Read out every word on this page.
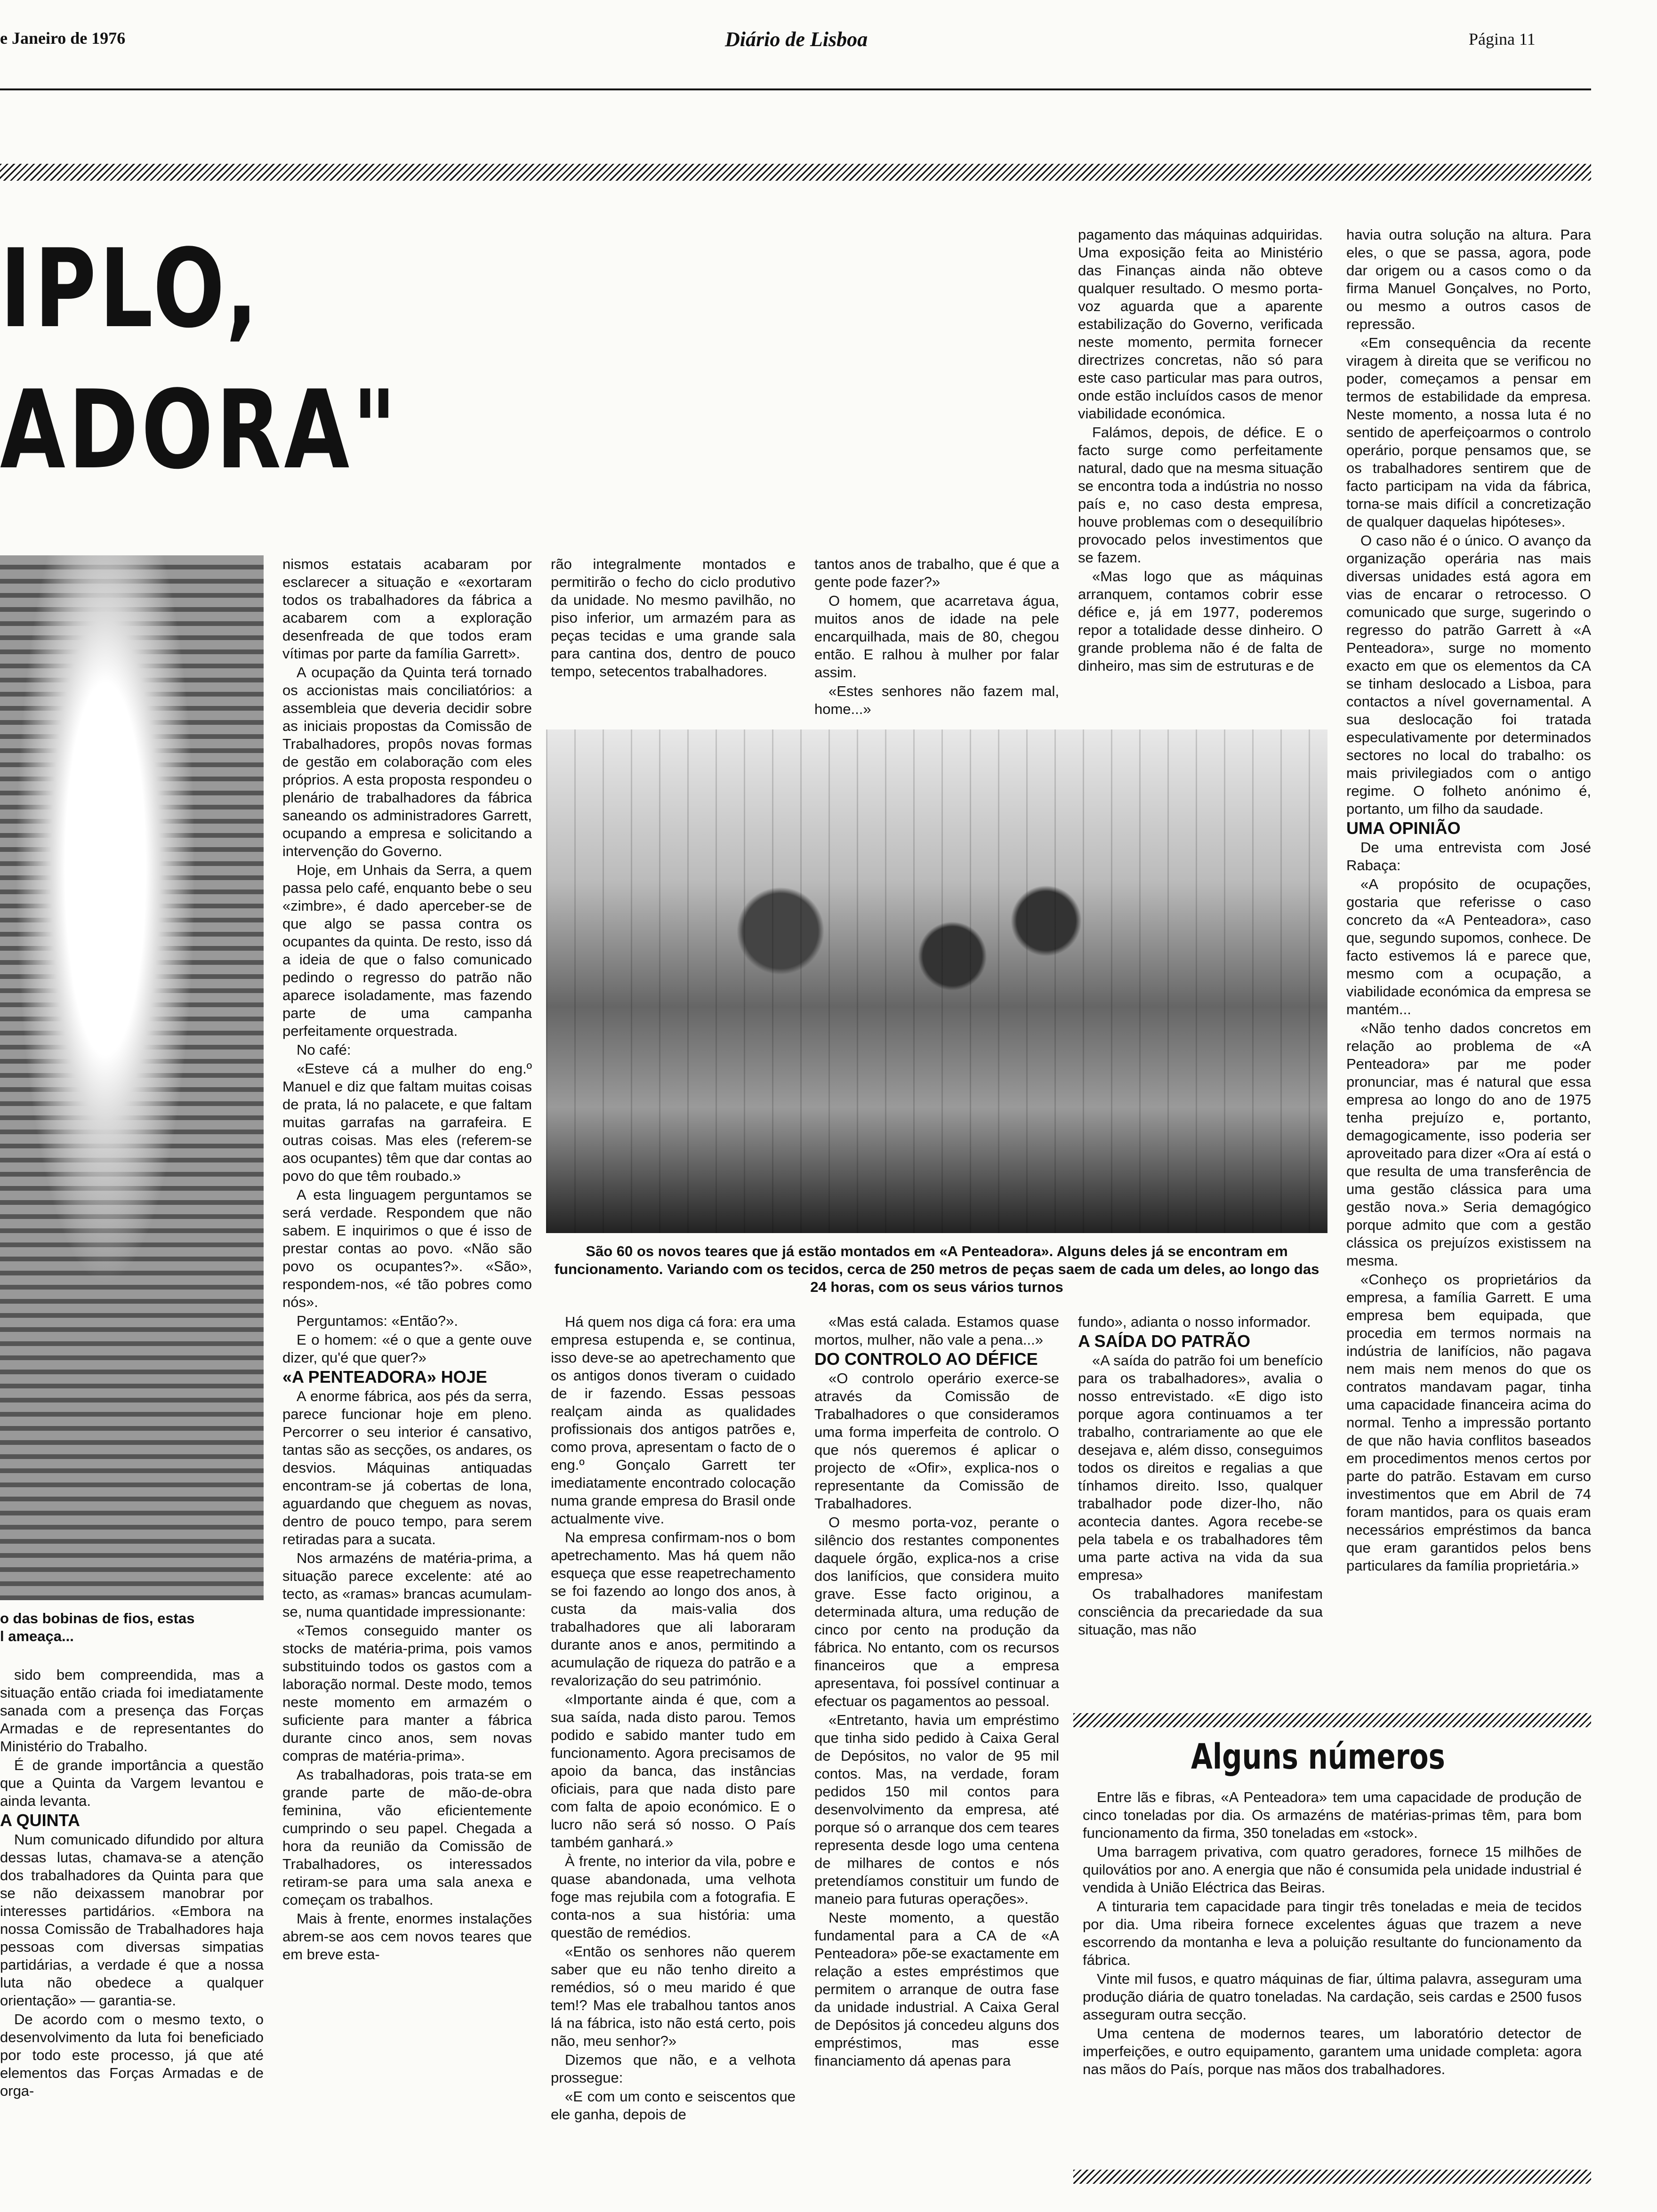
e Janeiro de 1976	Diário de Lisboa	Página 11
IPLO,
ADORA"
o das bobinas de fios, estas
l ameaça...

sido bem compreendida, mas a situação então criada foi imediatamente sanada com a presença das Forças Armadas e de representantes do Ministério do Trabalho.

É de grande importância a questão que a Quinta da Vargem levantou e ainda levanta.

A QUINTA

Num comunicado difundido por altura dessas lutas, chamava-se a atenção dos trabalhadores da Quinta para que se não deixassem manobrar por interesses partidários. «Embora na nossa Comissão de Trabalhadores haja pessoas com diversas simpatias partidárias, a verdade é que a nossa luta não obedece a qualquer orientação» — garantia-se.

De acordo com o mesmo texto, o desenvolvimento da luta foi beneficiado por todo este processo, já que até elementos das Forças Armadas e de orga-

nismos estatais acabaram por esclarecer a situação e «exortaram todos os trabalhadores da fábrica a acabarem com a exploração desenfreada de que todos eram vítimas por parte da família Garrett».

A ocupação da Quinta terá tornado os accionistas mais conciliatórios: a assembleia que deveria decidir sobre as iniciais propostas da Comissão de Trabalhadores, propôs novas formas de gestão em colaboração com eles próprios. A esta proposta respondeu o plenário de trabalhadores da fábrica saneando os administradores Garrett, ocupando a empresa e solicitando a intervenção do Governo.

Hoje, em Unhais da Serra, a quem passa pelo café, enquanto bebe o seu «zimbre», é dado aperceber-se de que algo se passa contra os ocupantes da quinta. De resto, isso dá a ideia de que o falso comunicado pedindo o regresso do patrão não aparece isoladamente, mas fazendo parte de uma campanha perfeitamente orquestrada.

No café:

«Esteve cá a mulher do eng.º Manuel e diz que faltam muitas coisas de prata, lá no palacete, e que faltam muitas garrafas na garrafeira. E outras coisas. Mas eles (referem-se aos ocupantes) têm que dar contas ao povo do que têm roubado.»

A esta linguagem perguntamos se será verdade. Respondem que não sabem. E inquirimos o que é isso de prestar contas ao povo. «Não são povo os ocupantes?». «São», respondem-nos, «é tão pobres como nós».

Perguntamos: «Então?».

E o homem: «é o que a gente ouve dizer, qu'é que quer?»

«A PENTEADORA» HOJE

A enorme fábrica, aos pés da serra, parece funcionar hoje em pleno. Percorrer o seu interior é cansativo, tantas são as secções, os andares, os desvios. Máquinas antiquadas encontram-se já cobertas de lona, aguardando que cheguem as novas, dentro de pouco tempo, para serem retiradas para a sucata.

Nos armazéns de matéria-prima, a situação parece excelente: até ao tecto, as «ramas» brancas acumulam-se, numa quantidade impressionante:

«Temos conseguido manter os stocks de matéria-prima, pois vamos substituindo todos os gastos com a laboração normal. Deste modo, temos neste momento em armazém o suficiente para manter a fábrica durante cinco anos, sem novas compras de matéria-prima».

As trabalhadoras, pois trata-se em grande parte de mão-de-obra feminina, vão eficientemente cumprindo o seu papel. Chegada a hora da reunião da Comissão de Trabalhadores, os interessados retiram-se para uma sala anexa e começam os trabalhos.

Mais à frente, enormes instalações abrem-se aos cem novos teares que em breve esta-

rão integralmente montados e permitirão o fecho do ciclo produtivo da unidade. No mesmo pavilhão, no piso inferior, um armazém para as peças tecidas e uma grande sala para cantina dos, dentro de pouco tempo, setecentos trabalhadores.

tantos anos de trabalho, que é que a gente pode fazer?»

O homem, que acarretava água, muitos anos de idade na pele encarquilhada, mais de 80, chegou então. E ralhou à mulher por falar assim.

«Estes senhores não fazem mal, home...»

pagamento das máquinas adquiridas. Uma exposição feita ao Ministério das Finanças ainda não obteve qualquer resultado. O mesmo porta-voz aguarda que a aparente estabilização do Governo, verificada neste momento, permita fornecer directrizes concretas, não só para este caso particular mas para outros, onde estão incluídos casos de menor viabilidade económica.

Falámos, depois, de défice. E o facto surge como perfeitamente natural, dado que na mesma situação se encontra toda a indústria no nosso país e, no caso desta empresa, houve problemas com o desequilíbrio provocado pelos investimentos que se fazem.

«Mas logo que as máquinas arranquem, contamos cobrir esse défice e, já em 1977, poderemos repor a totalidade desse dinheiro. O grande problema não é de falta de dinheiro, mas sim de estruturas e de

São 60 os novos teares que já estão montados em «A Penteadora». Alguns deles já se encontram em funcionamento. Variando com os tecidos, cerca de 250 metros de peças saem de cada um deles, ao longo das 24 horas, com os seus vários turnos

Há quem nos diga cá fora: era uma empresa estupenda e, se continua, isso deve-se ao apetrechamento que os antigos donos tiveram o cuidado de ir fazendo. Essas pessoas realçam ainda as qualidades profissionais dos antigos patrões e, como prova, apresentam o facto de o eng.º Gonçalo Garrett ter imediatamente encontrado colocação numa grande empresa do Brasil onde actualmente vive.

Na empresa confirmam-nos o bom apetrechamento. Mas há quem não esqueça que esse reapetrechamento se foi fazendo ao longo dos anos, à custa da mais-valia dos trabalhadores que ali laboraram durante anos e anos, permitindo a acumulação de riqueza do patrão e a revalorização do seu património.

«Importante ainda é que, com a sua saída, nada disto parou. Temos podido e sabido manter tudo em funcionamento. Agora precisamos de apoio da banca, das instâncias oficiais, para que nada disto pare com falta de apoio económico. E o lucro não será só nosso. O País também ganhará.»

À frente, no interior da vila, pobre e quase abandonada, uma velhota foge mas rejubila com a fotografia. E conta-nos a sua história: uma questão de remédios.

«Então os senhores não querem saber que eu não tenho direito a remédios, só o meu marido é que tem!? Mas ele trabalhou tantos anos lá na fábrica, isto não está certo, pois não, meu senhor?»

Dizemos que não, e a velhota prossegue:

«E com um conto e seiscentos que ele ganha, depois de

«Mas está calada. Estamos quase mortos, mulher, não vale a pena...»

DO CONTROLO AO DÉFICE

«O controlo operário exerce-se através da Comissão de Trabalhadores o que consideramos uma forma imperfeita de controlo. O que nós queremos é aplicar o projecto de «Ofir», explica-nos o representante da Comissão de Trabalhadores.

O mesmo porta-voz, perante o silêncio dos restantes componentes daquele órgão, explica-nos a crise dos lanifícios, que considera muito grave. Esse facto originou, a determinada altura, uma redução de cinco por cento na produção da fábrica. No entanto, com os recursos financeiros que a empresa apresentava, foi possível continuar a efectuar os pagamentos ao pessoal.

«Entretanto, havia um empréstimo que tinha sido pedido à Caixa Geral de Depósitos, no valor de 95 mil contos. Mas, na verdade, foram pedidos 150 mil contos para desenvolvimento da empresa, até porque só o arranque dos cem teares representa desde logo uma centena de milhares de contos e nós pretendíamos constituir um fundo de maneio para futuras operações».

Neste momento, a questão fundamental para a CA de «A Penteadora» põe-se exactamente em relação a estes empréstimos que permitem o arranque de outra fase da unidade industrial. A Caixa Geral de Depósitos já concedeu alguns dos empréstimos, mas esse financiamento dá apenas para

fundo», adianta o nosso informador.

A SAÍDA DO PATRÃO

«A saída do patrão foi um benefício para os trabalhadores», avalia o nosso entrevistado. «E digo isto porque agora continuamos a ter trabalho, contrariamente ao que ele desejava e, além disso, conseguimos todos os direitos e regalias a que tínhamos direito. Isso, qualquer trabalhador pode dizer-lho, não acontecia dantes. Agora recebe-se pela tabela e os trabalhadores têm uma parte activa na vida da sua empresa»

Os trabalhadores manifestam consciência da precariedade da sua situação, mas não

havia outra solução na altura. Para eles, o que se passa, agora, pode dar origem ou a casos como o da firma Manuel Gonçalves, no Porto, ou mesmo a outros casos de repressão.

«Em consequência da recente viragem à direita que se verificou no poder, começamos a pensar em termos de estabilidade da empresa. Neste momento, a nossa luta é no sentido de aperfeiçoarmos o controlo operário, porque pensamos que, se os trabalhadores sentirem que de facto participam na vida da fábrica, torna-se mais difícil a concretização de qualquer daquelas hipóteses».

O caso não é o único. O avanço da organização operária nas mais diversas unidades está agora em vias de encarar o retrocesso. O comunicado que surge, sugerindo o regresso do patrão Garrett à «A Penteadora», surge no momento exacto em que os elementos da CA se tinham deslocado a Lisboa, para contactos a nível governamental. A sua deslocação foi tratada especulativamente por determinados sectores no local do trabalho: os mais privilegiados com o antigo regime. O folheto anónimo é, portanto, um filho da saudade.

UMA OPINIÃO

De uma entrevista com José Rabaça:

«A propósito de ocupações, gostaria que referisse o caso concreto da «A Penteadora», caso que, segundo supomos, conhece. De facto estivemos lá e parece que, mesmo com a ocupação, a viabilidade económica da empresa se mantém...

«Não tenho dados concretos em relação ao problema de «A Penteadora» par me poder pronunciar, mas é natural que essa empresa ao longo do ano de 1975 tenha prejuízo e, portanto, demagogicamente, isso poderia ser aproveitado para dizer «Ora aí está o que resulta de uma transferência de uma gestão clássica para uma gestão nova.» Seria demagógico porque admito que com a gestão clássica os prejuízos existissem na mesma.

«Conheço os proprietários da empresa, a família Garrett. E uma empresa bem equipada, que procedia em termos normais na indústria de lanifícios, não pagava nem mais nem menos do que os contratos mandavam pagar, tinha uma capacidade financeira acima do normal. Tenho a impressão portanto de que não havia conflitos baseados em procedimentos menos certos por parte do patrão. Estavam em curso investimentos que em Abril de 74 foram mantidos, para os quais eram necessários empréstimos da banca que eram garantidos pelos bens particulares da família proprietária.»

Alguns números

Entre lãs e fibras, «A Penteadora» tem uma capacidade de produção de cinco toneladas por dia. Os armazéns de matérias-primas têm, para bom funcionamento da firma, 350 toneladas em «stock».

Uma barragem privativa, com quatro geradores, fornece 15 milhões de quilovátios por ano. A energia que não é consumida pela unidade industrial é vendida à União Eléctrica das Beiras.

A tinturaria tem capacidade para tingir três toneladas e meia de tecidos por dia. Uma ribeira fornece excelentes águas que trazem a neve escorrendo da montanha e leva a poluição resultante do funcionamento da fábrica.

Vinte mil fusos, e quatro máquinas de fiar, última palavra, asseguram uma produção diária de quatro toneladas. Na cardação, seis cardas e 2500 fusos asseguram outra secção.

Uma centena de modernos teares, um laboratório detector de imperfeições, e outro equipamento, garantem uma unidade completa: agora nas mãos do País, porque nas mãos dos trabalhadores.
